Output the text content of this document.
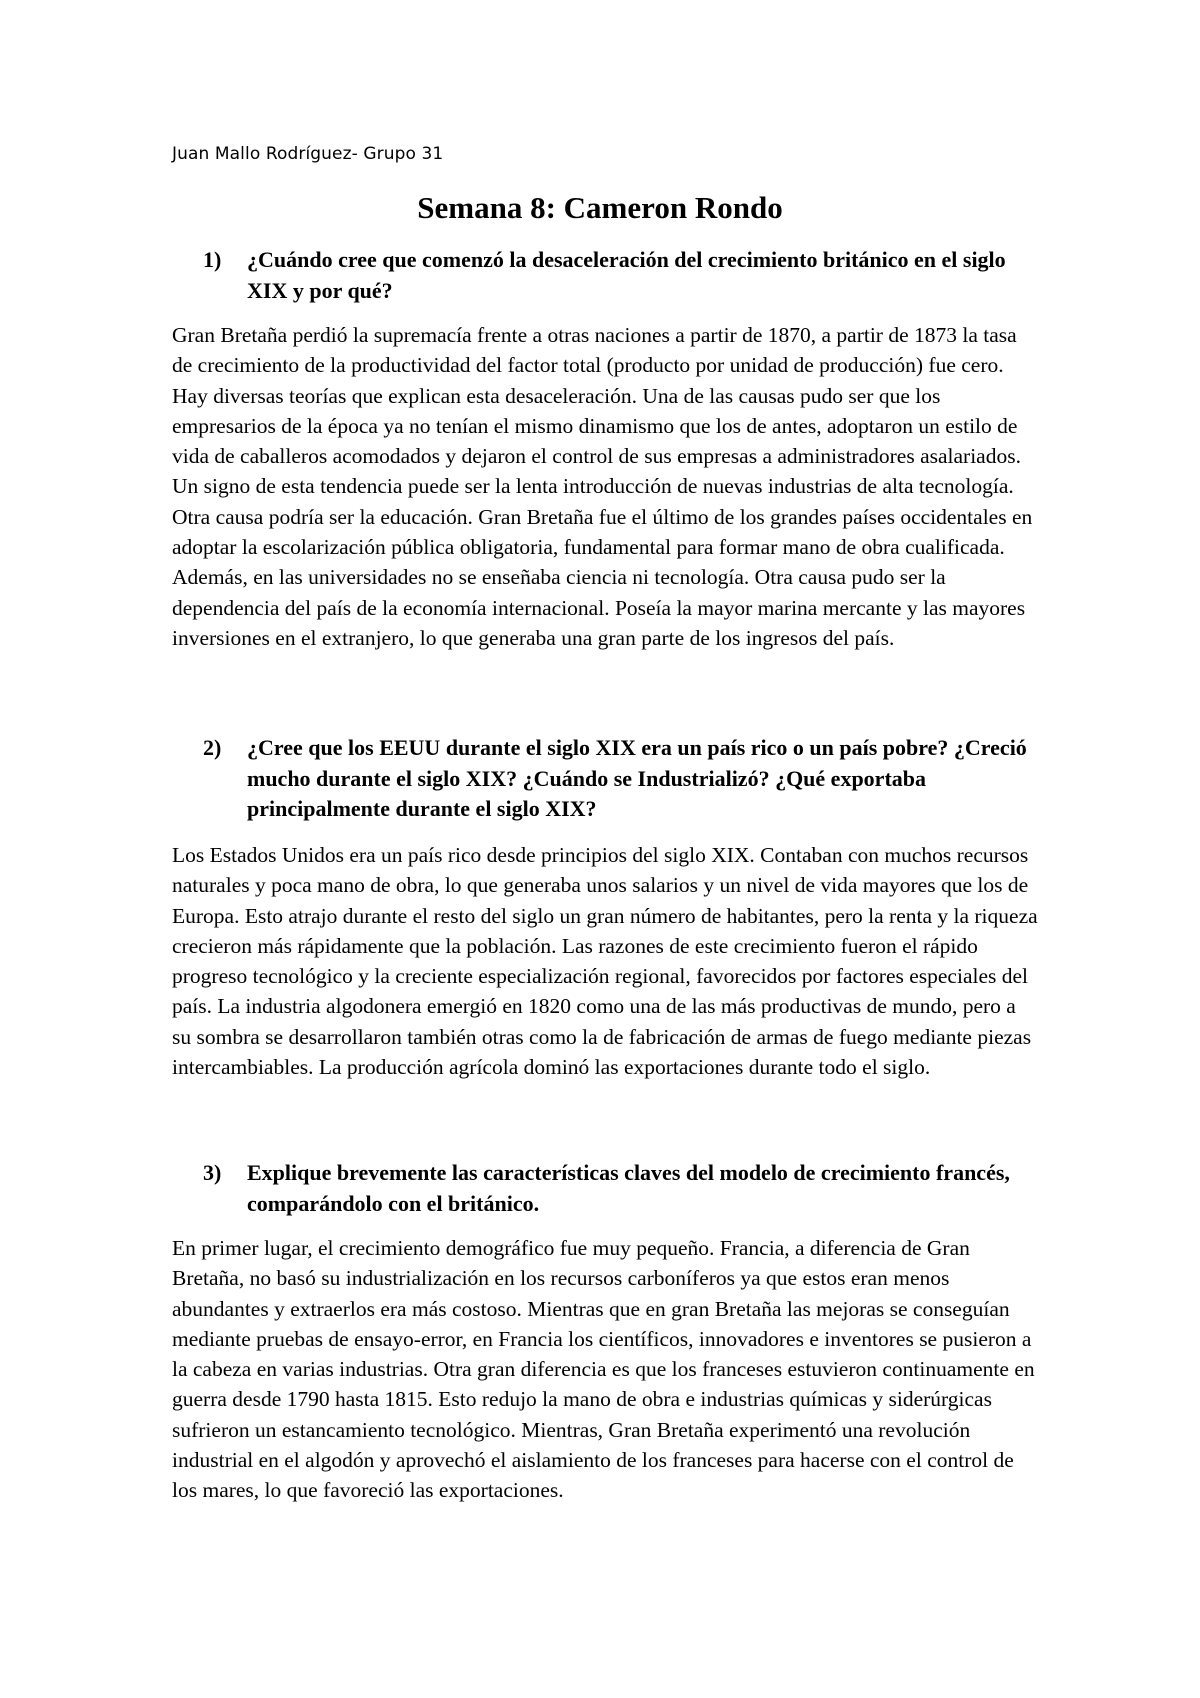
Juan Mallo Rodríguez- Grupo 31
Semana 8: Cameron Rondo
1) ¿Cuándo cree que comenzó la desaceleración del crecimiento británico en el siglo XIX y por qué?

Gran Bretaña perdió la supremacía frente a otras naciones a partir de 1870, a partir de 1873 la tasa de crecimiento de la productividad del factor total (producto por unidad de producción) fue cero. Hay diversas teorías que explican esta desaceleración. Una de las causas pudo ser que los empresarios de la época ya no tenían el mismo dinamismo que los de antes, adoptaron un estilo de vida de caballeros acomodados y dejaron el control de sus empresas a administradores asalariados. Un signo de esta tendencia puede ser la lenta introducción de nuevas industrias de alta tecnología. Otra causa podría ser la educación. Gran Bretaña fue el último de los grandes países occidentales en adoptar la escolarización pública obligatoria, fundamental para formar mano de obra cualificada. Además, en las universidades no se enseñaba ciencia ni tecnología. Otra causa pudo ser la dependencia del país de la economía internacional. Poseía la mayor marina mercante y las mayores inversiones en el extranjero, lo que generaba una gran parte de los ingresos del país.

2) ¿Cree que los EEUU durante el siglo XIX era un país rico o un país pobre? ¿Creció mucho durante el siglo XIX? ¿Cuándo se Industrializó? ¿Qué exportaba principalmente durante el siglo XIX?

Los Estados Unidos era un país rico desde principios del siglo XIX. Contaban con muchos recursos naturales y poca mano de obra, lo que generaba unos salarios y un nivel de vida mayores que los de Europa. Esto atrajo durante el resto del siglo un gran número de habitantes, pero la renta y la riqueza crecieron más rápidamente que la población. Las razones de este crecimiento fueron el rápido progreso tecnológico y la creciente especialización regional, favorecidos por factores especiales del país. La industria algodonera emergió en 1820 como una de las más productivas de mundo, pero a su sombra se desarrollaron también otras como la de fabricación de armas de fuego mediante piezas intercambiables. La producción agrícola dominó las exportaciones durante todo el siglo.

3) Explique brevemente las características claves del modelo de crecimiento francés, comparándolo con el británico.

En primer lugar, el crecimiento demográfico fue muy pequeño. Francia, a diferencia de Gran Bretaña, no basó su industrialización en los recursos carboníferos ya que estos eran menos abundantes y extraerlos era más costoso. Mientras que en gran Bretaña las mejoras se conseguían mediante pruebas de ensayo-error, en Francia los científicos, innovadores e inventores se pusieron a la cabeza en varias industrias. Otra gran diferencia es que los franceses estuvieron continuamente en guerra desde 1790 hasta 1815. Esto redujo la mano de obra e industrias químicas y siderúrgicas sufrieron un estancamiento tecnológico. Mientras, Gran Bretaña experimentó una revolución industrial en el algodón y aprovechó el aislamiento de los franceses para hacerse con el control de los mares, lo que favoreció las exportaciones.
